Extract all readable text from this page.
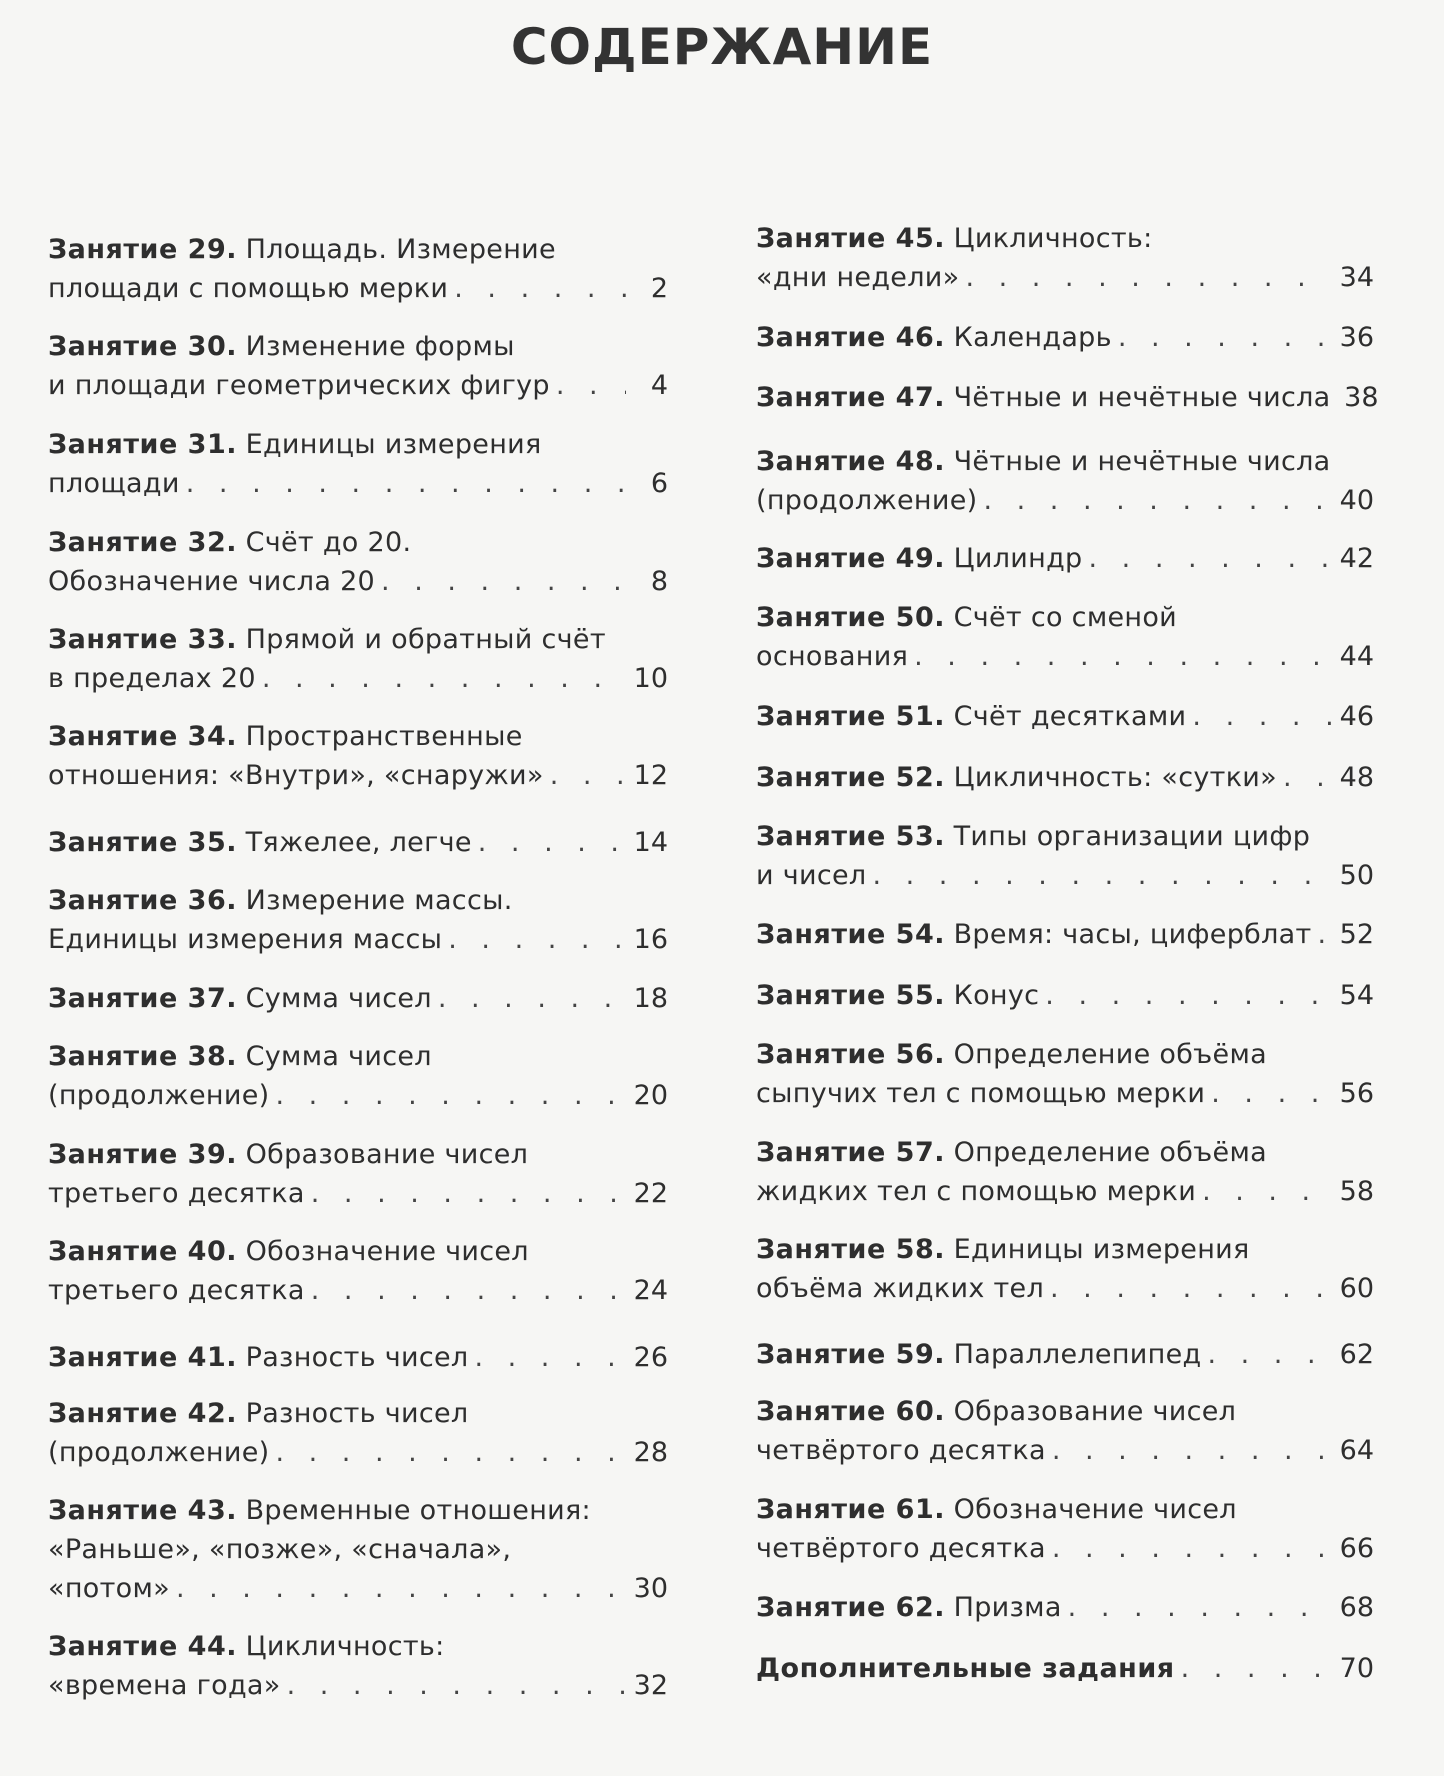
СОДЕРЖАНИЕ
Занятие 29. Площадь. Измерение
площади с помощью мерки . . .	2
Занятие 30. Изменение формы
и площади геометрических фигур . . .	4
Занятие 31. Единицы измерения
площади . . .	6
Занятие 32. Счёт до 20.
Обозначение числа 20 . . .	8
Занятие 33. Прямой и обратный счёт
в пределах 20 . . .	10
Занятие 34. Пространственные
отношения: «Внутри», «снаружи» . . .	12
Занятие 35.
Тяжелее, легче . . .	14
Занятие 36. Измерение массы.
Единицы измерения массы . . .	16
Занятие 37.
Сумма чисел . . .	18
Занятие 38. Сумма чисел
(продолжение) . . .	20
Занятие 39. Образование чисел
третьего десятка . . .	22
Занятие 40. Обозначение чисел
третьего десятка . . .	24
Занятие 41.
Разность чисел . . .	26
Занятие 42. Разность чисел
(продолжение) . . .	28
Занятие 43. Временные отношения:
«Раньше», «позже», «сначала»,
«потом» . . .	30
Занятие 44. Цикличность:
«времена года» . . .	32
Занятие 45. Цикличность:
«дни недели» . . .	34
Занятие 46.
Календарь . . .	36
Занятие 47.
Чётные и нечётные числа 38
Занятие 48. Чётные и нечётные числа
(продолжение) . . .	40
Занятие 49.
Цилиндр . . .	42
Занятие 50. Счёт со сменой
основания . . .	44
Занятие 51.
Счёт десятками . . .	46
Занятие 52.
Цикличность: «сутки» . . . 48
Занятие 53. Типы организации цифр
и чисел . . .	50
Занятие 54.
Время: часы, циферблат . . . 52
Занятие 55.
Конус . . .	54
Занятие 56. Определение объёма
сыпучих тел с помощью мерки . . .	56
Занятие 57. Определение объёма
жидких тел с помощью мерки . . .	58
Занятие 58. Единицы измерения
объёма жидких тел . . .	60
Занятие 59.
Параллелепипед . . .	62
Занятие 60. Образование чисел
четвёртого десятка . . .	64
Занятие 61. Обозначение чисел
четвёртого десятка . . .	66
Занятие 62.
Призма . . .	68
Дополнительные задания . . .	70
